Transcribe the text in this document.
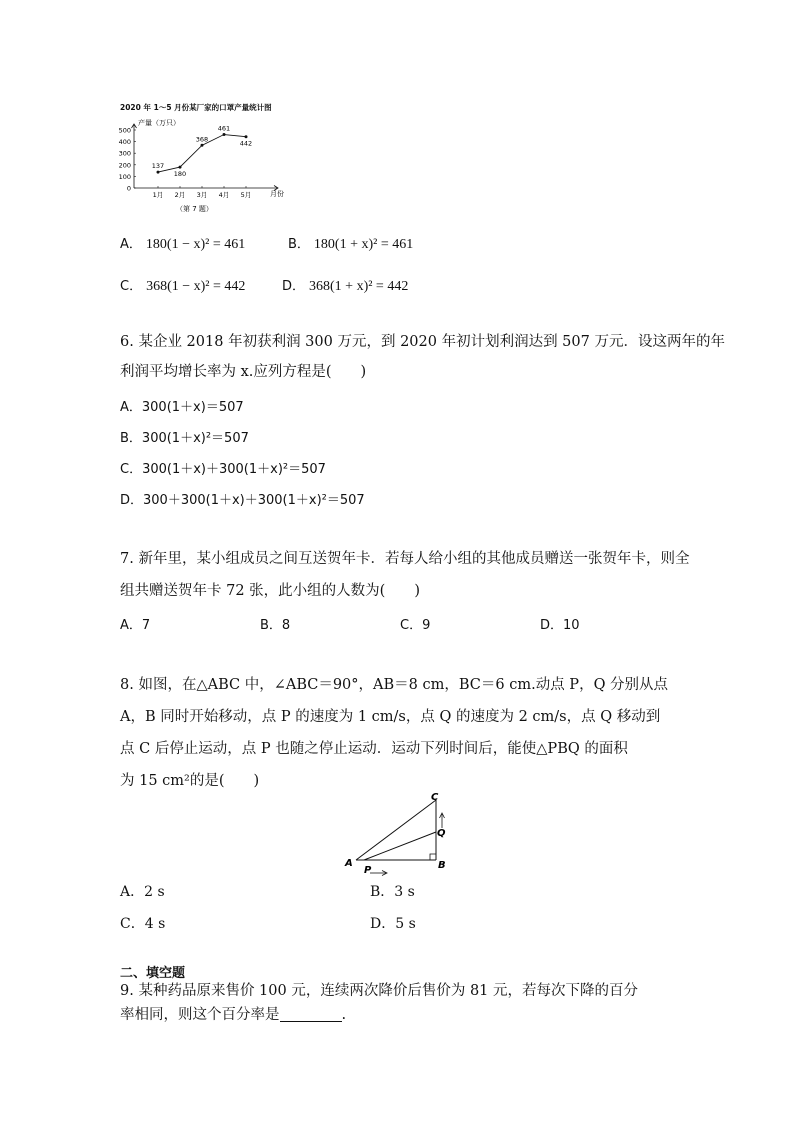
2020 年 1～5 月份某厂家的口罩产量统计图
0
100
200
300
400
500
1月 2月 3月 4月 5月
137
180
368
461
442
产量（万只）
月份
（第 7 题）
A． 180(1 − x)² = 461	B． 180(1 + x)² = 461
C． 368(1 − x)² = 442	D． 368(1 + x)² = 442
6. 某企业 2018 年初获利润 300 万元，到 2020 年初计划利润达到 507 万元．设这两年的年
利润平均增长率为 x.应列方程是(　　)
A．300(1＋x)＝507
B．300(1＋x)²＝507
C．300(1＋x)＋300(1＋x)²＝507
D．300＋300(1＋x)＋300(1＋x)²＝507
7. 新年里，某小组成员之间互送贺年卡．若每人给小组的其他成员赠送一张贺年卡，则全
组共赠送贺年卡 72 张，此小组的人数为(　　)
A．7	B．8	C．9	D．10
8. 如图，在△ABC 中，∠ABC＝90°，AB＝8 cm，BC＝6 cm.动点 P，Q 分别从点
A，B 同时开始移动，点 P 的速度为 1 cm/s，点 Q 的速度为 2 cm/s，点 Q 移动到
点 C 后停止运动，点 P 也随之停止运动．运动下列时间后，能使△PBQ 的面积
为 15 cm²的是(　　)
A	B
C
P
Q
A．2 s	B．3 s
C．4 s	D．5 s
二、填空题
9. 某种药品原来售价 100 元，连续两次降价后售价为 81 元，若每次下降的百分
率相同，则这个百分率是	.
